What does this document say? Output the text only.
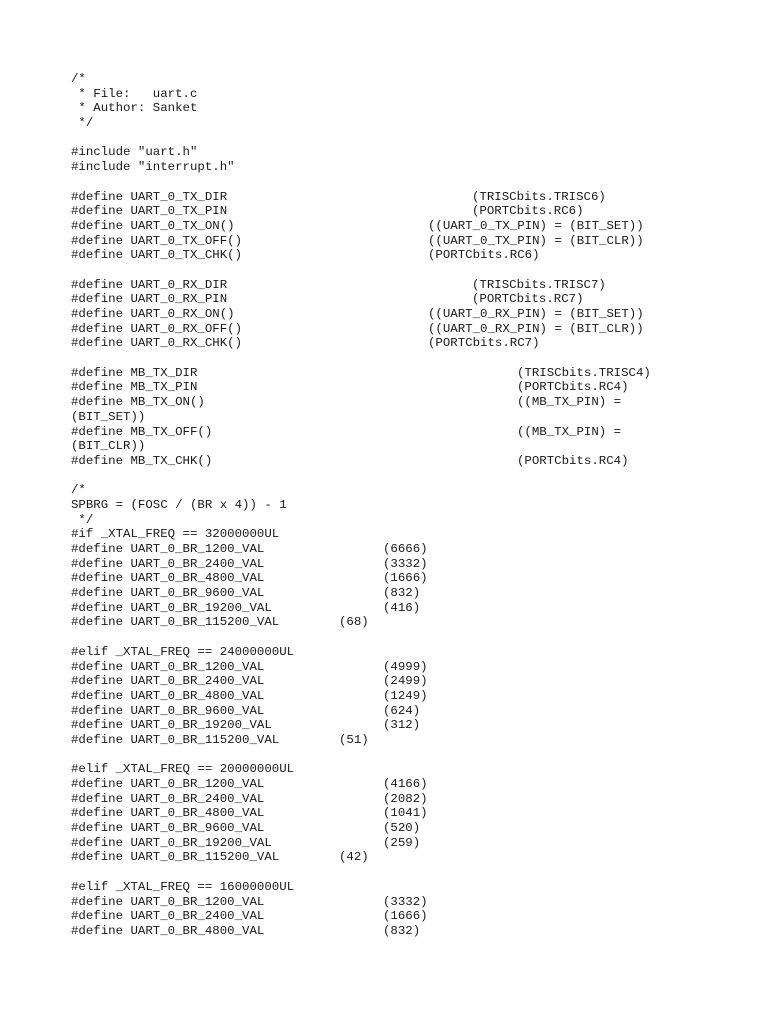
/*
* File:   uart.c
* Author: Sanket
*/
#include "uart.h"
#include "interrupt.h"
#define UART_0_TX_DIR	(TRISCbits.TRISC6)
#define UART_0_TX_PIN	(PORTCbits.RC6)
#define UART_0_TX_ON()	((UART_0_TX_PIN) = (BIT_SET))
#define UART_0_TX_OFF()	((UART_0_TX_PIN) = (BIT_CLR))
#define UART_0_TX_CHK()	(PORTCbits.RC6)
#define UART_0_RX_DIR	(TRISCbits.TRISC7)
#define UART_0_RX_PIN	(PORTCbits.RC7)
#define UART_0_RX_ON()	((UART_0_RX_PIN) = (BIT_SET))
#define UART_0_RX_OFF()	((UART_0_RX_PIN) = (BIT_CLR))
#define UART_0_RX_CHK()	(PORTCbits.RC7)
#define MB_TX_DIR	(TRISCbits.TRISC4)
#define MB_TX_PIN	(PORTCbits.RC4)
#define MB_TX_ON()	((MB_TX_PIN) =
(BIT_SET))
#define MB_TX_OFF()	((MB_TX_PIN) =
(BIT_CLR))
#define MB_TX_CHK()	(PORTCbits.RC4)
/*
SPBRG = (FOSC / (BR x 4)) - 1
*/
#if _XTAL_FREQ == 32000000UL
#define UART_0_BR_1200_VAL	(6666)
#define UART_0_BR_2400_VAL	(3332)
#define UART_0_BR_4800_VAL	(1666)
#define UART_0_BR_9600_VAL	(832)
#define UART_0_BR_19200_VAL	(416)
#define UART_0_BR_115200_VAL	(68)
#elif _XTAL_FREQ == 24000000UL
#define UART_0_BR_1200_VAL	(4999)
#define UART_0_BR_2400_VAL	(2499)
#define UART_0_BR_4800_VAL	(1249)
#define UART_0_BR_9600_VAL	(624)
#define UART_0_BR_19200_VAL	(312)
#define UART_0_BR_115200_VAL	(51)
#elif _XTAL_FREQ == 20000000UL
#define UART_0_BR_1200_VAL	(4166)
#define UART_0_BR_2400_VAL	(2082)
#define UART_0_BR_4800_VAL	(1041)
#define UART_0_BR_9600_VAL	(520)
#define UART_0_BR_19200_VAL	(259)
#define UART_0_BR_115200_VAL	(42)
#elif _XTAL_FREQ == 16000000UL
#define UART_0_BR_1200_VAL	(3332)
#define UART_0_BR_2400_VAL	(1666)
#define UART_0_BR_4800_VAL	(832)
